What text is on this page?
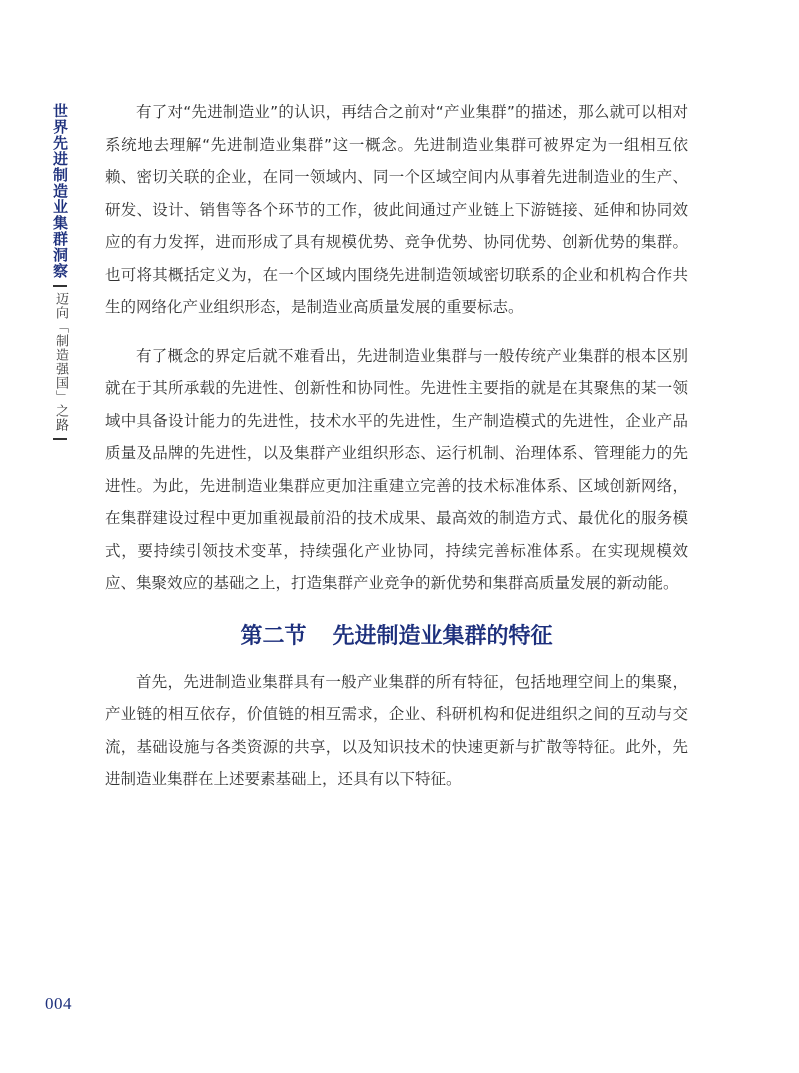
世界先进制造业集群洞察
迈向「制造强国」之路

有了对“先进制造业”的认识，再结合之前对“产业集群”的描述，那么就可以相对系统地去理解“先进制造业集群”这一概念。先进制造业集群可被界定为一组相互依赖、密切关联的企业，在同一领域内、同一个区域空间内从事着先进制造业的生产、研发、设计、销售等各个环节的工作，彼此间通过产业链上下游链接、延伸和协同效应的有力发挥，进而形成了具有规模优势、竞争优势、协同优势、创新优势的集群。也可将其概括定义为，在一个区域内围绕先进制造领域密切联系的企业和机构合作共生的网络化产业组织形态，是制造业高质量发展的重要标志。

有了概念的界定后就不难看出，先进制造业集群与一般传统产业集群的根本区别就在于其所承载的先进性、创新性和协同性。先进性主要指的就是在其聚焦的某一领域中具备设计能力的先进性，技术水平的先进性，生产制造模式的先进性，企业产品质量及品牌的先进性，以及集群产业组织形态、运行机制、治理体系、管理能力的先进性。为此，先进制造业集群应更加注重建立完善的技术标准体系、区域创新网络，在集群建设过程中更加重视最前沿的技术成果、最高效的制造方式、最优化的服务模式，要持续引领技术变革，持续强化产业协同，持续完善标准体系。在实现规模效应、集聚效应的基础之上，打造集群产业竞争的新优势和集群高质量发展的新动能。

第二节 先进制造业集群的特征

首先，先进制造业集群具有一般产业集群的所有特征，包括地理空间上的集聚，产业链的相互依存，价值链的相互需求，企业、科研机构和促进组织之间的互动与交流，基础设施与各类资源的共享，以及知识技术的快速更新与扩散等特征。此外，先进制造业集群在上述要素基础上，还具有以下特征。

004
